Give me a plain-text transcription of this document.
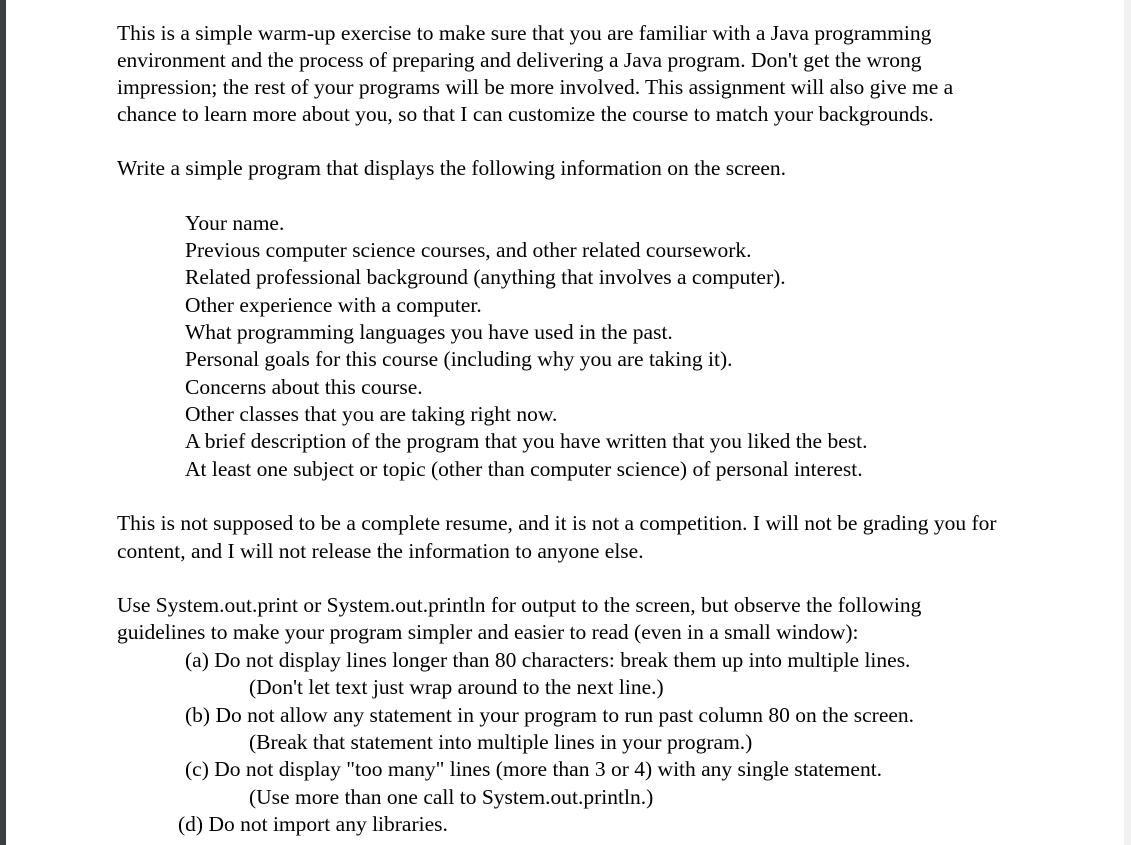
This is a simple warm-up exercise to make sure that you are familiar with a Java programming
environment and the process of preparing and delivering a Java program. Don't get the wrong
impression; the rest of your programs will be more involved. This assignment will also give me a
chance to learn more about you, so that I can customize the course to match your backgrounds.
Write a simple program that displays the following information on the screen.
Your name.
Previous computer science courses, and other related coursework.
Related professional background (anything that involves a computer).
Other experience with a computer.
What programming languages you have used in the past.
Personal goals for this course (including why you are taking it).
Concerns about this course.
Other classes that you are taking right now.
A brief description of the program that you have written that you liked the best.
At least one subject or topic (other than computer science) of personal interest.
This is not supposed to be a complete resume, and it is not a competition. I will not be grading you for
content, and I will not release the information to anyone else.
Use System.out.print or System.out.println for output to the screen, but observe the following
guidelines to make your program simpler and easier to read (even in a small window):
(a) Do not display lines longer than 80 characters: break them up into multiple lines.
(Don't let text just wrap around to the next line.)
(b) Do not allow any statement in your program to run past column 80 on the screen.
(Break that statement into multiple lines in your program.)
(c) Do not display "too many" lines (more than 3 or 4) with any single statement.
(Use more than one call to System.out.println.)
(d) Do not import any libraries.
